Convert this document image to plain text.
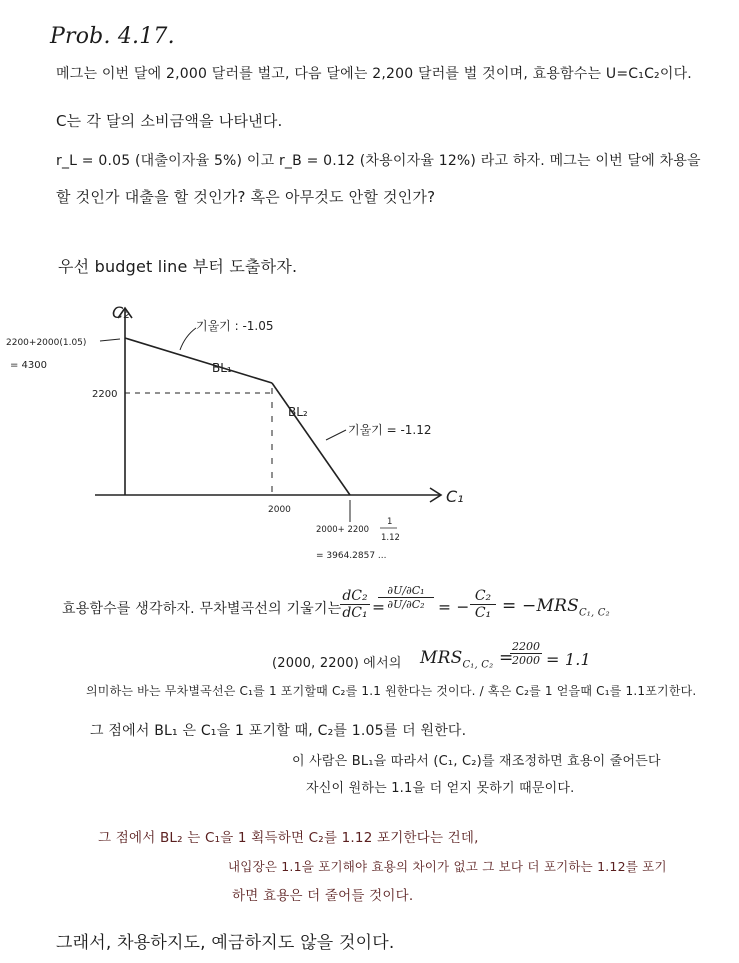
Prob. 4.17.
메그는 이번 달에 2,000 달러를 벌고, 다음 달에는 2,200 달러를 벌 것이며, 효용함수는 U=C₁C₂이다.
C는 각 달의 소비금액을 나타낸다.
r_L = 0.05 (대출이자율 5%) 이고 r_B = 0.12 (차용이자율 12%) 라고 하자. 메그는 이번 달에 차용을
할 것인가 대출을 할 것인가? 혹은 아무것도 안할 것인가?
우선 budget line 부터 도출하자.
C₂
C₁
2200+2000(1.05)
= 4300
2200
2000
기울기 : -1.05
BL₁
BL₂
기울기 = -1.12
2000+ 2200
1
1.12
= 3964.2857 ...
효용함수를 생각하자. 무차별곡선의 기울기는
$\frac{\text{dC₂}}{\text{dC₁}}$ =
$\frac{\text{∂U/∂C₁}}{\text{∂U/∂C₂}}$ = − $\frac{\text{C₂}}{\text{C₁}} = -MRS_{C_1, C_2}$
(2000, 2200) 에서의 $MRS_{C_1, C_2}$ =
$\frac{2200}{2000} = 1.1$
의미하는 바는 무차별곡선은 C₁를 1 포기할때 C₂를 1.1 원한다는 것이다. / 혹은 C₂를 1 얻을때 C₁를 1.1포기한다.
그 점에서 BL₁ 은 C₁을 1 포기할 때, C₂를 1.05를 더 원한다.
이 사람은 BL₁을 따라서 (C₁, C₂)를 재조정하면 효용이 줄어든다
자신이 원하는 1.1을 더 얻지 못하기 때문이다.
그 점에서 BL₂ 는 C₁을 1 획득하면 C₂를 1.12 포기한다는 건데,
내입장은 1.1을 포기해야 효용의 차이가 없고 그 보다 더 포기하는 1.12를 포기
하면 효용은 더 줄어들 것이다.
그래서, 차용하지도, 예금하지도 않을 것이다.
